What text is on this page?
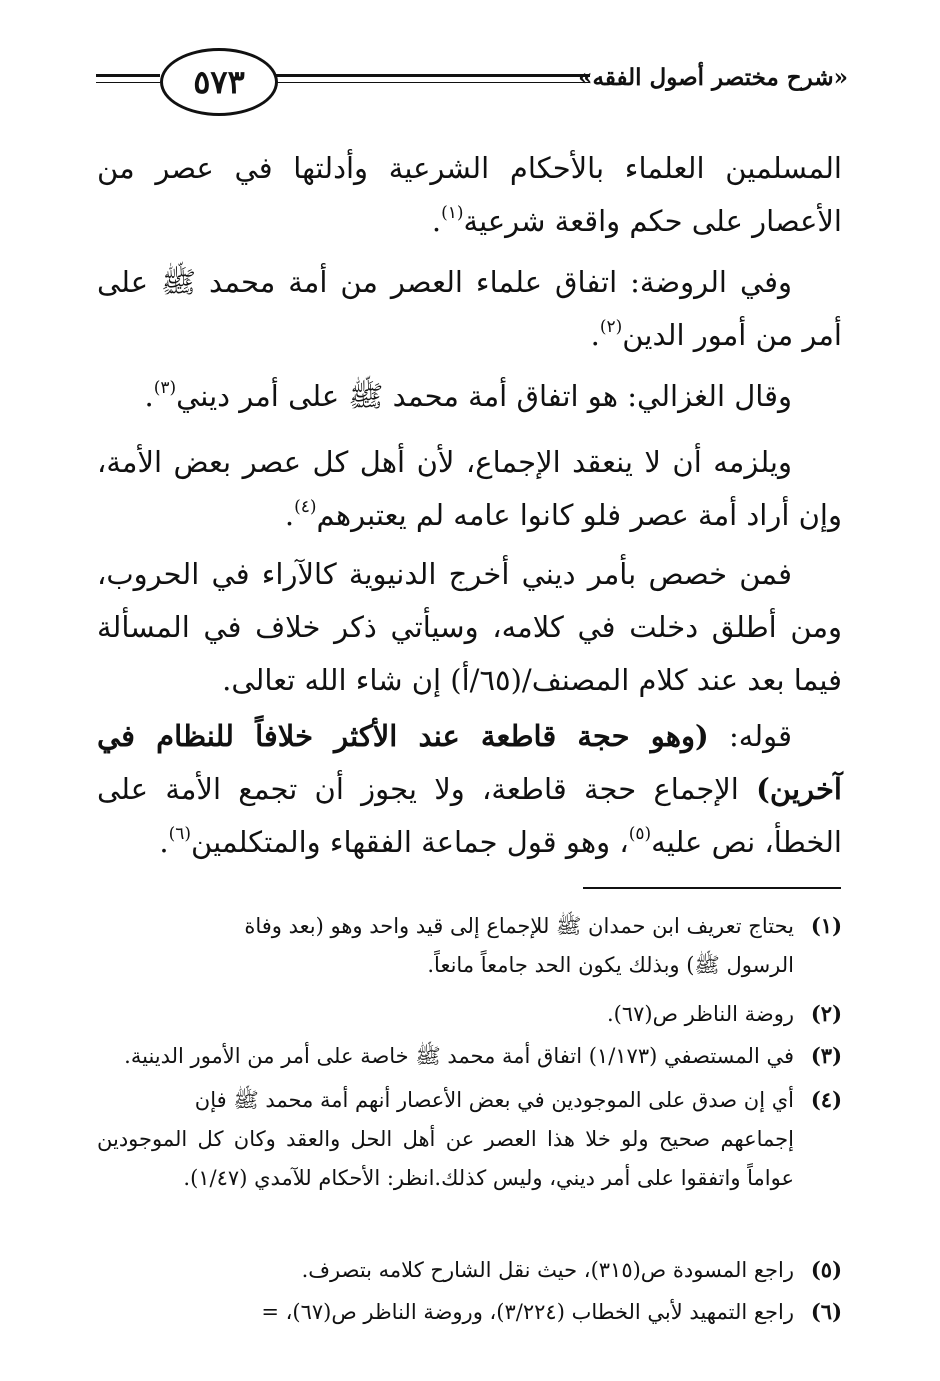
«شرح مختصر أصول الفقه»
٥٧٣
المسلمين العلماء بالأحكام الشرعية وأدلتها في عصر من الأعصار على حكم واقعة شرعية$^{(١)}$.
وفي الروضة: اتفاق علماء العصر من أمة محمد ﷺ على أمر من أمور الدين$^{(٢)}$.
وقال الغزالي: هو اتفاق أمة محمد ﷺ على أمر ديني$^{(٣)}$.
ويلزمه أن لا ينعقد الإجماع، لأن أهل كل عصر بعض الأمة، وإن أراد أمة عصر فلو كانوا عامه لم يعتبرهم$^{(٤)}$.
فمن خصص بأمر ديني أخرج الدنيوية كالآراء في الحروب، ومن أطلق دخلت في كلامه، وسيأتي ذكر خلاف في المسألة فيما بعد عند كلام المصنف/(٦٥/أ) إن شاء الله تعالى.
قوله: (وهو حجة قاطعة عند الأكثر خلافاً للنظام في آخرين) الإجماع حجة قاطعة، ولا يجوز أن تجمع الأمة على الخطأ، نص عليه$^{(٥)}$، وهو قول جماعة الفقهاء والمتكلمين$^{(٦)}$.
(١)يحتاج تعريف ابن حمدان ﷺ للإجماع إلى قيد واحد وهو (بعد وفاة
الرسول ﷺ) وبذلك يكون الحد جامعاً مانعاً.
(٢)روضة الناظر ص(٦٧).
(٣)في المستصفي (١/١٧٣) اتفاق أمة محمد ﷺ خاصة على أمر من الأمور الدينية.
(٤)أي إن صدق على الموجودين في بعض الأعصار أنهم أمة محمد ﷺ فإن
إجماعهم صحيح ولو خلا هذا العصر عن أهل الحل والعقد وكان كل الموجودين عواماً واتفقوا على أمر ديني، وليس كذلك.انظر: الأحكام للآمدي (١/٤٧).
(٥)راجع المسودة ص(٣١٥)، حيث نقل الشارح كلامه بتصرف.
(٦)راجع التمهيد لأبي الخطاب (٣/٢٢٤)، وروضة الناظر ص(٦٧)، =
